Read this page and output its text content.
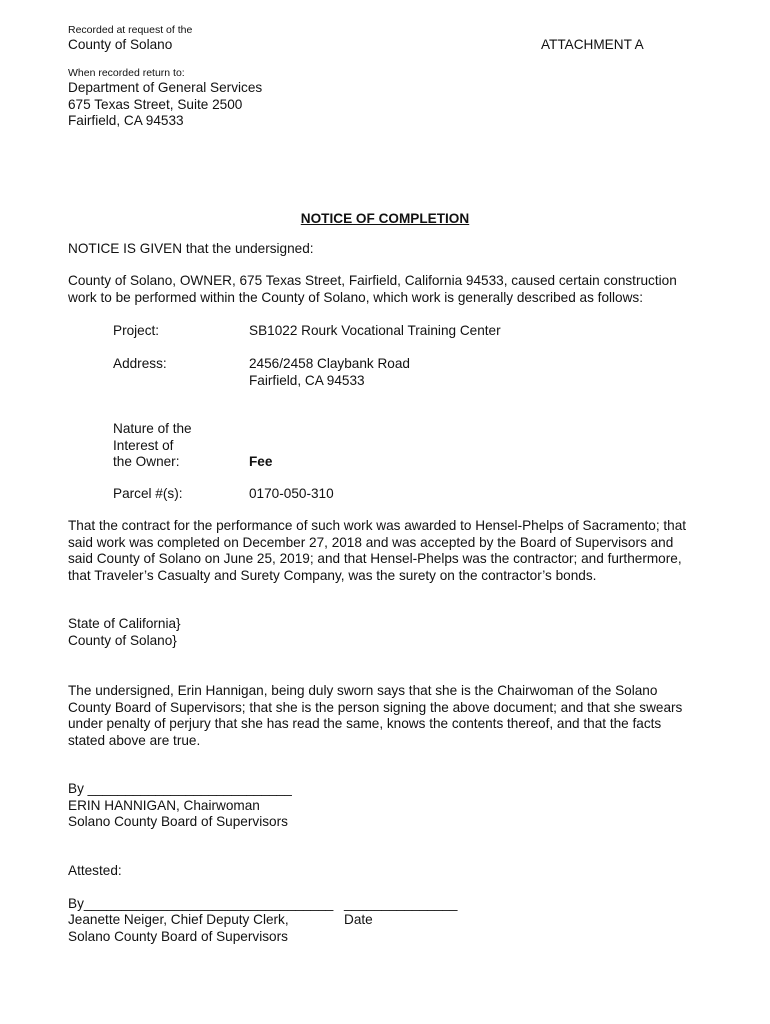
Recorded at request of the
County of Solano	ATTACHMENT A
When recorded return to:
Department of General Services
675 Texas Street, Suite 2500
Fairfield, CA 94533
NOTICE OF COMPLETION
NOTICE IS GIVEN that the undersigned:
County of Solano, OWNER, 675 Texas Street, Fairfield, California 94533, caused certain construction
work to be performed within the County of Solano, which work is generally described as follows:
Project:	SB1022 Rourk Vocational Training Center
Address:	2456/2458 Claybank Road
Fairfield, CA 94533
Nature of the
Interest of
the Owner:	Fee
Parcel #(s):	0170-050-310
That the contract for the performance of such work was awarded to Hensel-Phelps of Sacramento; that
said work was completed on December 27, 2018 and was accepted by the Board of Supervisors and
said County of Solano on June 25, 2019; and that Hensel-Phelps was the contractor; and furthermore,
that Traveler’s Casualty and Surety Company, was the surety on the contractor’s bonds.
State of California}
County of Solano}
The undersigned, Erin Hannigan, being duly sworn says that she is the Chairwoman of the Solano
County Board of Supervisors; that she is the person signing the above document; and that she swears
under penalty of perjury that she has read the same, knows the contents thereof, and that the facts
stated above are true.
By ___________________________
ERIN HANNIGAN, Chairwoman
Solano County Board of Supervisors
Attested:
By_________________________________ _______________
Jeanette Neiger, Chief Deputy Clerk,	Date
Solano County Board of Supervisors
